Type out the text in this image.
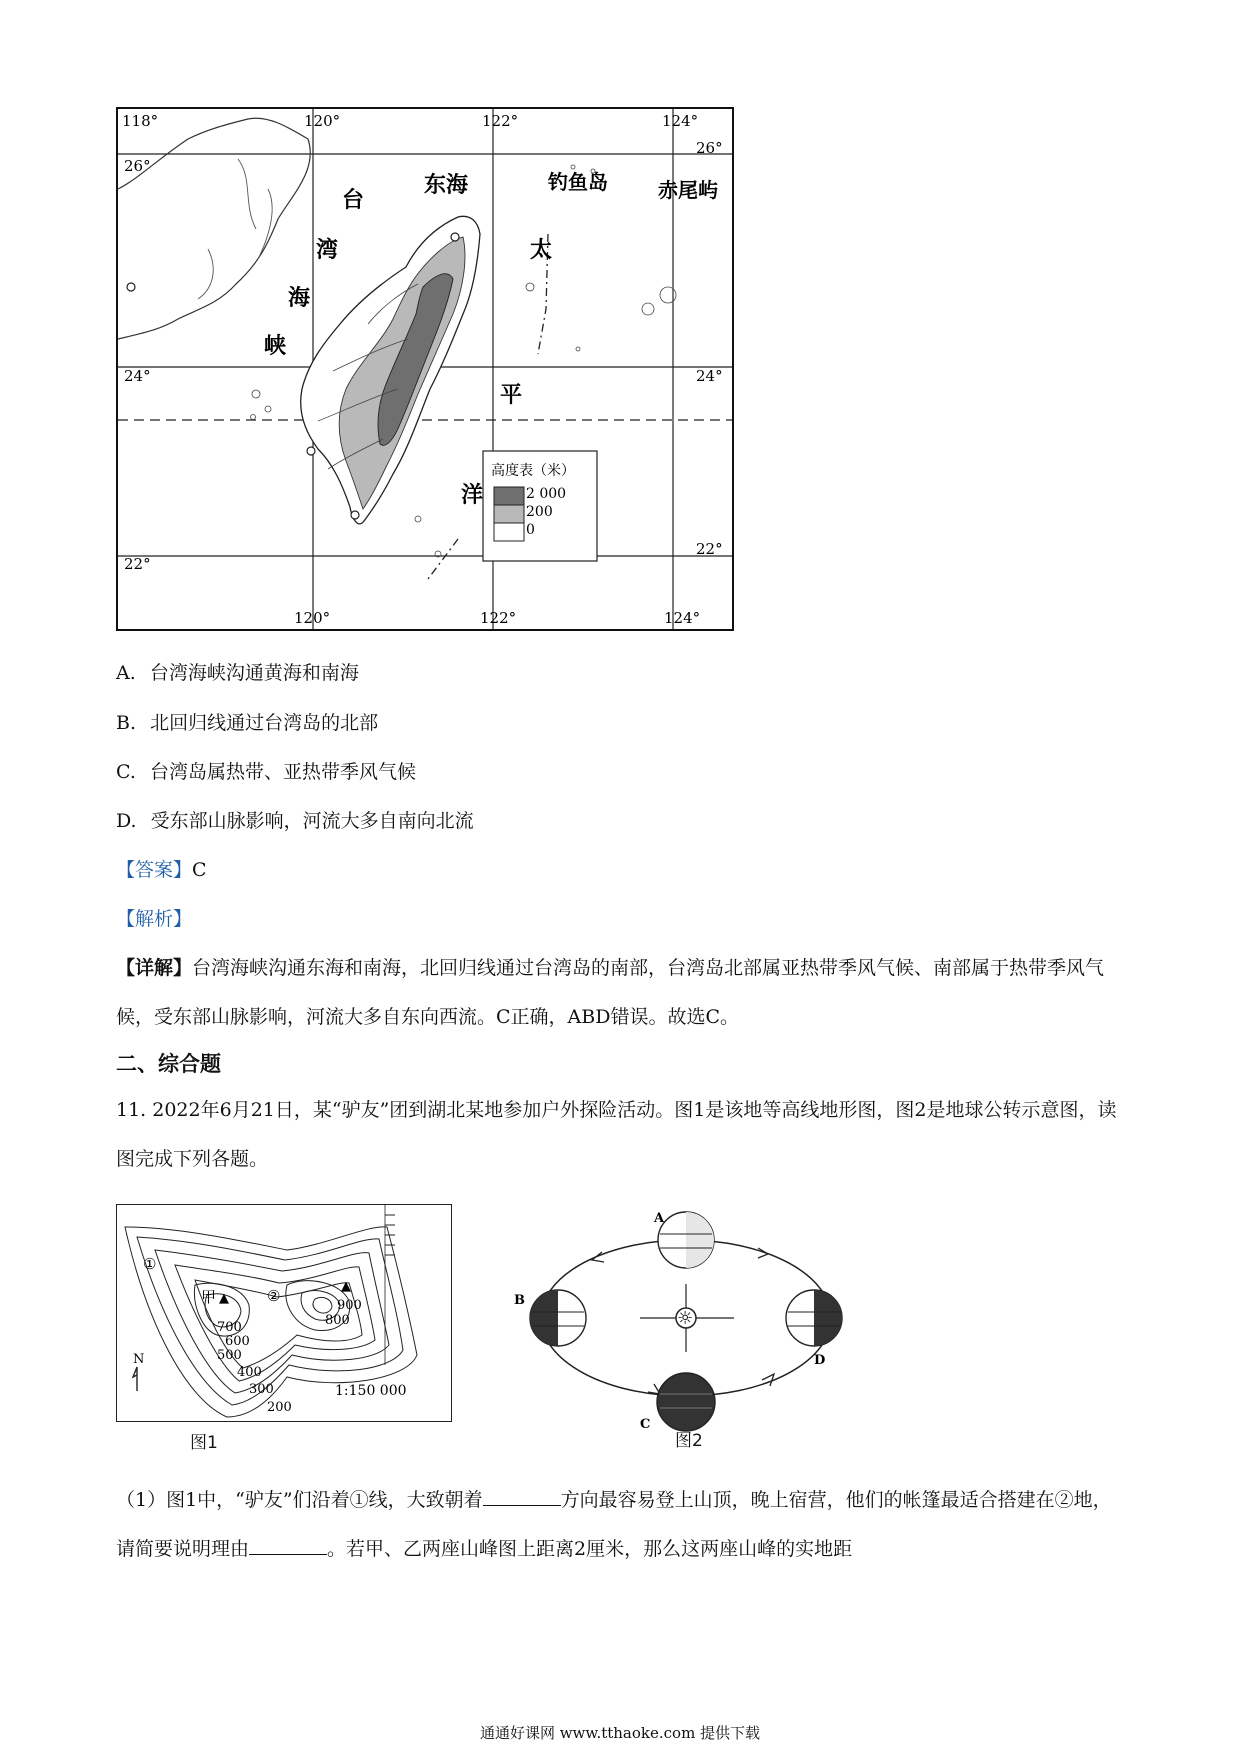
26°
26°
24°	24°
22°
22°
118°	120°	122°	124°
120°	122°	124°
东海	钓鱼岛	赤尾屿
台
湾
海
峡
太
平
洋
高度表（米）
2 000
200
0
A. 台湾海峡沟通黄海和南海
B. 北回归线通过台湾岛的北部
C. 台湾岛属热带、亚热带季风气候
D. 受东部山脉影响，河流大多自南向北流
【答案】C
【解析】
【详解】台湾海峡沟通东海和南海，北回归线通过台湾岛的南部，台湾岛北部属亚热带季风气候、南部属于热带季风气候，受东部山脉影响，河流大多自东向西流。C正确，ABD错误。故选C。
二、综合题
11. 2022年6月21日，某“驴友”团到湖北某地参加户外探险活动。图1是该地等高线地形图，图2是地球公转示意图，读图完成下列各题。
①
②
甲 ▲
▲
900
800
700
600
500
400
300
200
N
1:150 000
图1
☼
A
B
C
D
图2
（1）图1中，“驴友”们沿着①线，大致朝着	方向最容易登上山顶，晚上宿营，他们的帐篷最适合搭建在②地，请简要说明理由	。若甲、乙两座山峰图上距离2厘米，那么这两座山峰的实地距
通通好课网 www.tthaoke.com 提供下载
